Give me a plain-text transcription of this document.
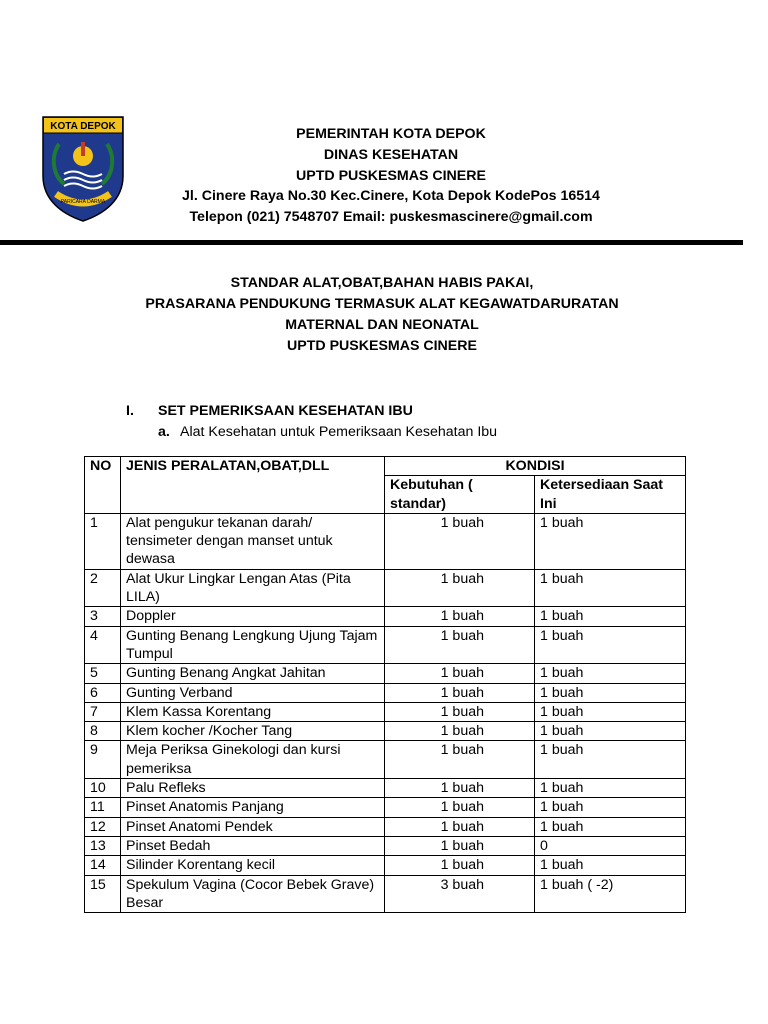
KOTA DEPOK
PARICARA DARMA
PEMERINTAH KOTA DEPOK
DINAS KESEHATAN
UPTD PUSKESMAS CINERE
Jl. Cinere Raya No.30 Kec.Cinere, Kota Depok KodePos 16514
Telepon (021) 7548707 Email: puskesmascinere@gmail.com
STANDAR ALAT,OBAT,BAHAN HABIS PAKAI,
PRASARANA PENDUKUNG TERMASUK ALAT KEGAWATDARURATAN
MATERNAL DAN NEONATAL
UPTD PUSKESMAS CINERE
I. SET PEMERIKSAAN KESEHATAN IBU
a. Alat Kesehatan untuk Pemeriksaan Kesehatan Ibu
NO	JENIS PERALATAN,OBAT,DLL	KONDISI	
		Kebutuhan ( standar)	Ketersediaan Saat Ini
1	Alat pengukur tekanan darah/ tensimeter dengan manset untuk dewasa	1 buah	1 buah
2	Alat Ukur Lingkar Lengan Atas (Pita LILA)	1 buah	1 buah
3	Doppler	1 buah	1 buah
4	Gunting Benang Lengkung Ujung Tajam Tumpul	1 buah	1 buah
5	Gunting Benang Angkat Jahitan	1 buah	1 buah
6	Gunting Verband	1 buah	1 buah
7	Klem Kassa Korentang	1 buah	1 buah
8	Klem kocher /Kocher Tang	1 buah	1 buah
9	Meja Periksa Ginekologi dan kursi pemeriksa	1 buah	1 buah
10	Palu Refleks	1 buah	1 buah
11	Pinset Anatomis Panjang	1 buah	1 buah
12	Pinset Anatomi Pendek	1 buah	1 buah
13	Pinset Bedah	1 buah	0
14	Silinder Korentang kecil	1 buah	1 buah
15	Spekulum Vagina (Cocor Bebek Grave) Besar	3 buah	1 buah ( -2)
